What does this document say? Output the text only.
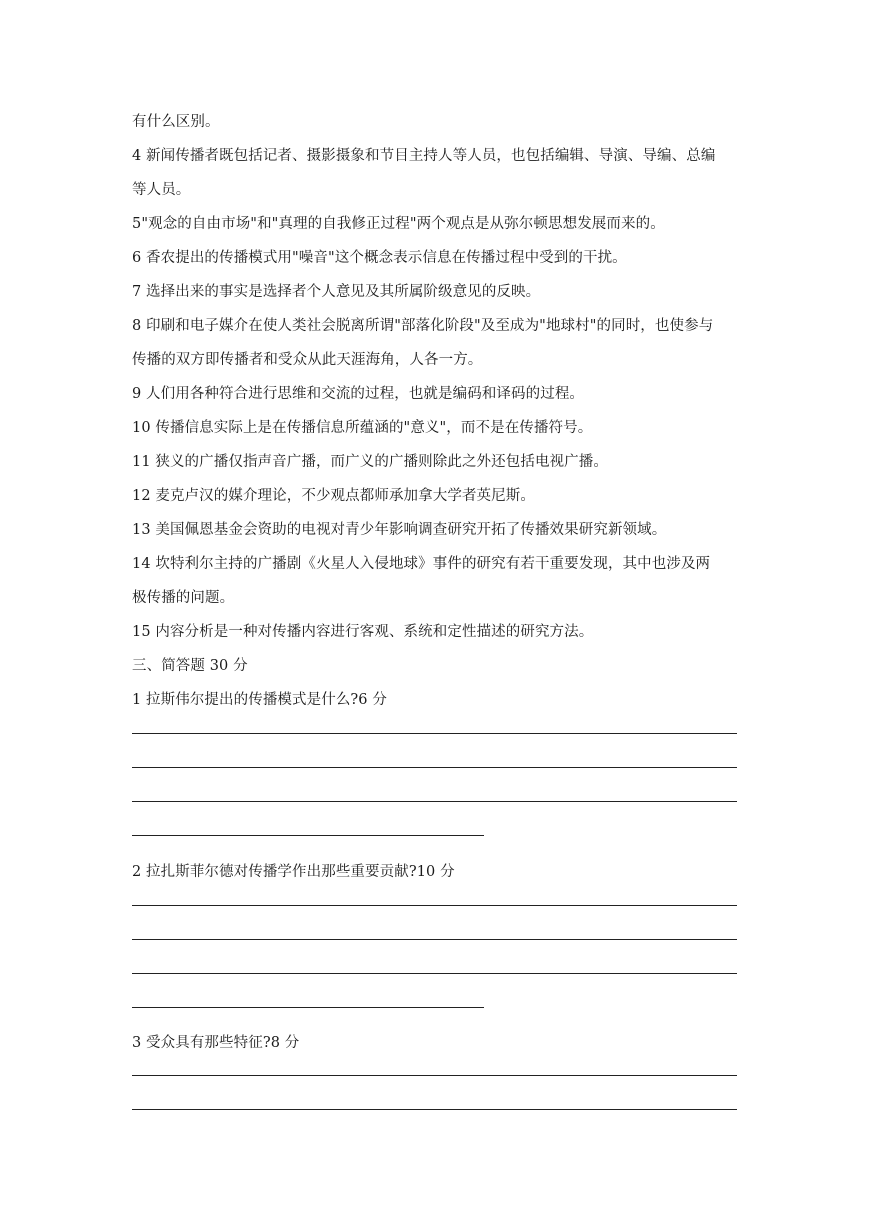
有什么区别。
4 新闻传播者既包括记者、摄影摄象和节目主持人等人员，也包括编辑、导演、导编、总编
等人员。
5"观念的自由市场"和"真理的自我修正过程"两个观点是从弥尔顿思想发展而来的。
6 香农提出的传播模式用"噪音"这个概念表示信息在传播过程中受到的干扰。
7 选择出来的事实是选择者个人意见及其所属阶级意见的反映。
8 印刷和电子媒介在使人类社会脱离所谓"部落化阶段"及至成为"地球村"的同时，也使参与
传播的双方即传播者和受众从此天涯海角，人各一方。
9 人们用各种符合进行思维和交流的过程，也就是编码和译码的过程。
10 传播信息实际上是在传播信息所蕴涵的"意义"，而不是在传播符号。
11 狭义的广播仅指声音广播，而广义的广播则除此之外还包括电视广播。
12 麦克卢汉的媒介理论，不少观点都师承加拿大学者英尼斯。
13 美国佩恩基金会资助的电视对青少年影响调查研究开拓了传播效果研究新领域。
14 坎特利尔主持的广播剧《火星人入侵地球》事件的研究有若干重要发现，其中也涉及两
极传播的问题。
15 内容分析是一种对传播内容进行客观、系统和定性描述的研究方法。
三、简答题 30 分
1 拉斯伟尔提出的传播模式是什么?6 分
2 拉扎斯菲尔德对传播学作出那些重要贡献?10 分
3 受众具有那些特征?8 分
